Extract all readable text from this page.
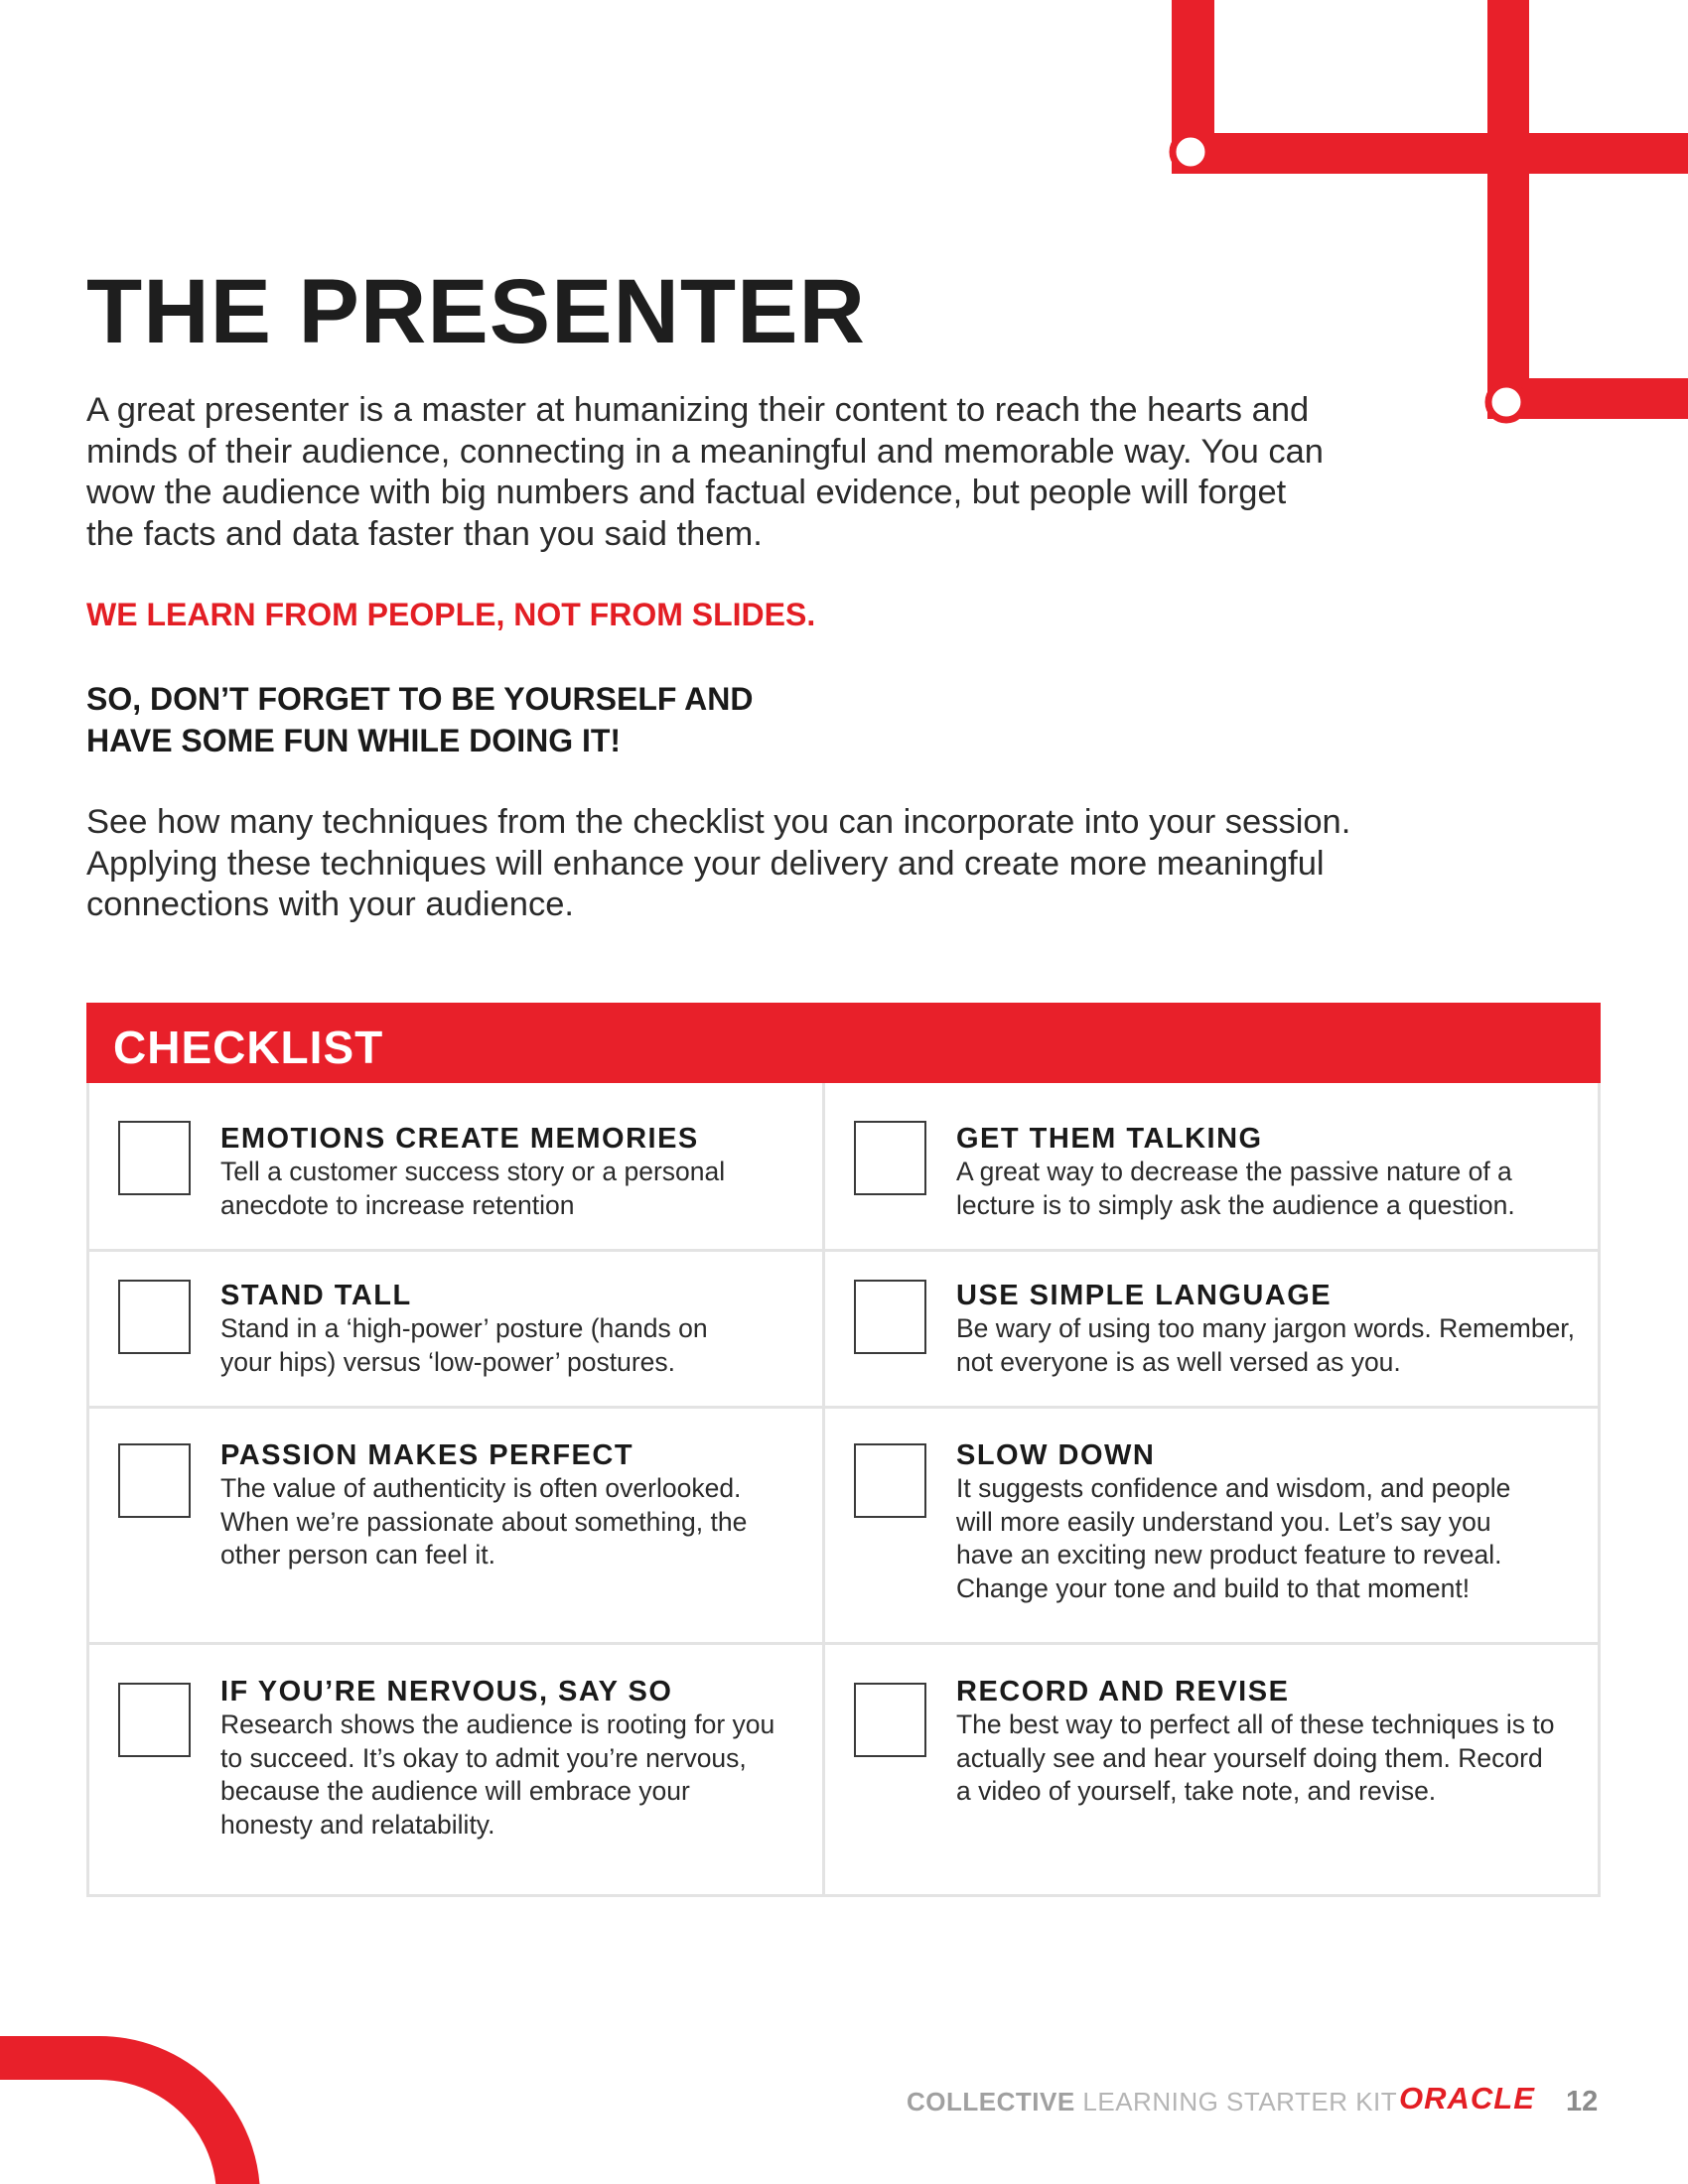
THE PRESENTER

A great presenter is a master at humanizing their content to reach the hearts and minds of their audience, connecting in a meaningful and memorable way. You can wow the audience with big numbers and factual evidence, but people will forget the facts and data faster than you said them.

WE LEARN FROM PEOPLE, NOT FROM SLIDES.

SO, DON’T FORGET TO BE YOURSELF AND
HAVE SOME FUN WHILE DOING IT!

See how many techniques from the checklist you can incorporate into your session. Applying these techniques will enhance your delivery and create more meaningful connections with your audience.

CHECKLIST
EMOTIONS CREATE MEMORIES
Tell a customer success story or a personal anecdote to increase retention
GET THEM TALKING
A great way to decrease the passive nature of a lecture is to simply ask the audience a question.
STAND TALL
Stand in a ‘high-power’ posture (hands on your hips) versus ‘low-power’ postures.
USE SIMPLE LANGUAGE
Be wary of using too many jargon words. Remember, not everyone is as well versed as you.
PASSION MAKES PERFECT
The value of authenticity is often overlooked. When we’re passionate about something, the other person can feel it.
SLOW DOWN
It suggests confidence and wisdom, and people will more easily understand you. Let’s say you have an exciting new product feature to reveal. Change your tone and build to that moment!
IF YOU’RE NERVOUS, SAY SO
Research shows the audience is rooting for you to succeed. It’s okay to admit you’re nervous, because the audience will embrace your honesty and relatability.
RECORD AND REVISE
The best way to perfect all of these techniques is to actually see and hear yourself doing them. Record a video of yourself, take note, and revise.
COLLECTIVE LEARNING STARTER KIT ORACLE 12
